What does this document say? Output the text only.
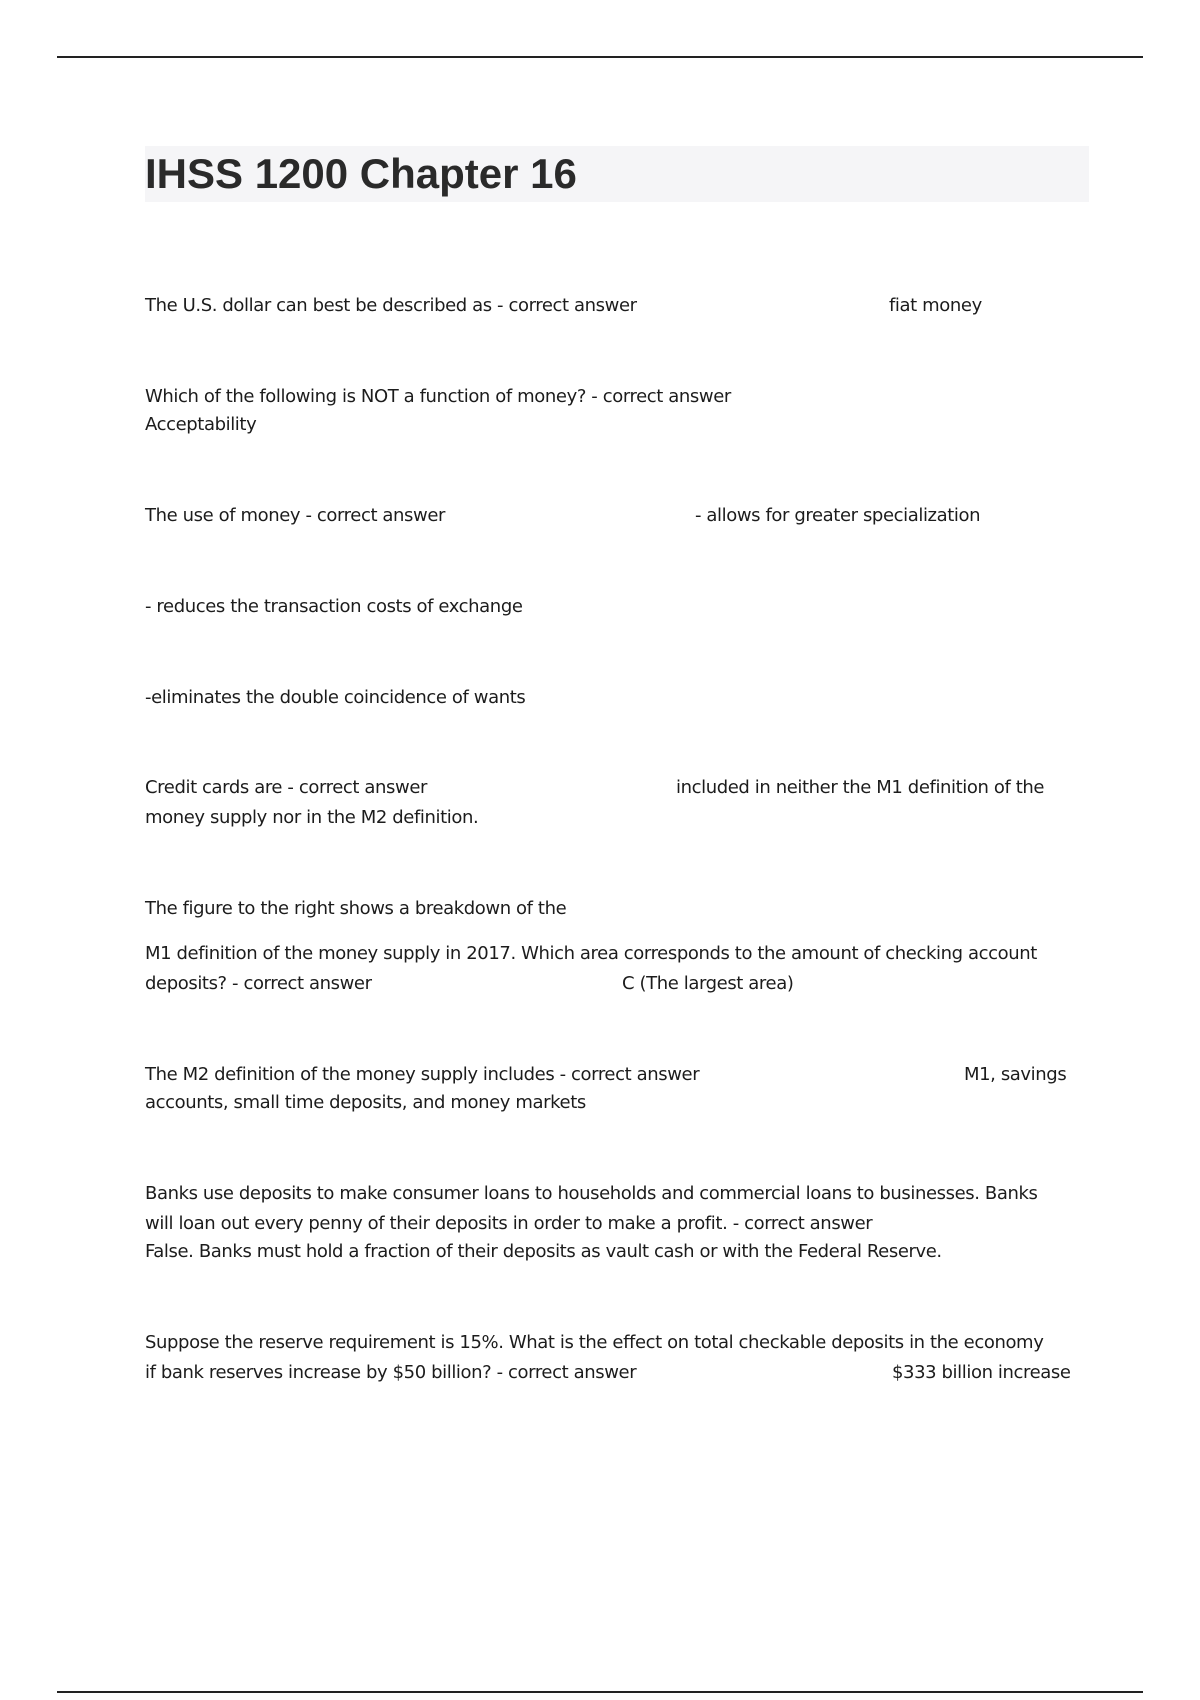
IHSS 1200 Chapter 16
The U.S. dollar can best be described as - correct answer	fiat money
Which of the following is NOT a function of money? - correct answer
Acceptability
The use of money - correct answer	- allows for greater specialization
- reduces the transaction costs of exchange
-eliminates the double coincidence of wants
Credit cards are - correct answer	included in neither the M1 definition of the
money supply nor in the M2 definition.
The figure to the right shows a breakdown of the
M1 definition of the money supply in 2017. Which area corresponds to the amount of checking account
deposits? - correct answer	C (The largest area)
The M2 definition of the money supply includes - correct answer	M1, savings
accounts, small time deposits, and money markets
Banks use deposits to make consumer loans to households and commercial loans to businesses. Banks
will loan out every penny of their deposits in order to make a profit. - correct answer
False. Banks must hold a fraction of their deposits as vault cash or with the Federal Reserve.
Suppose the reserve requirement is 15%. What is the effect on total checkable deposits in the economy
if bank reserves increase by $50 billion? - correct answer	$333 billion increase
